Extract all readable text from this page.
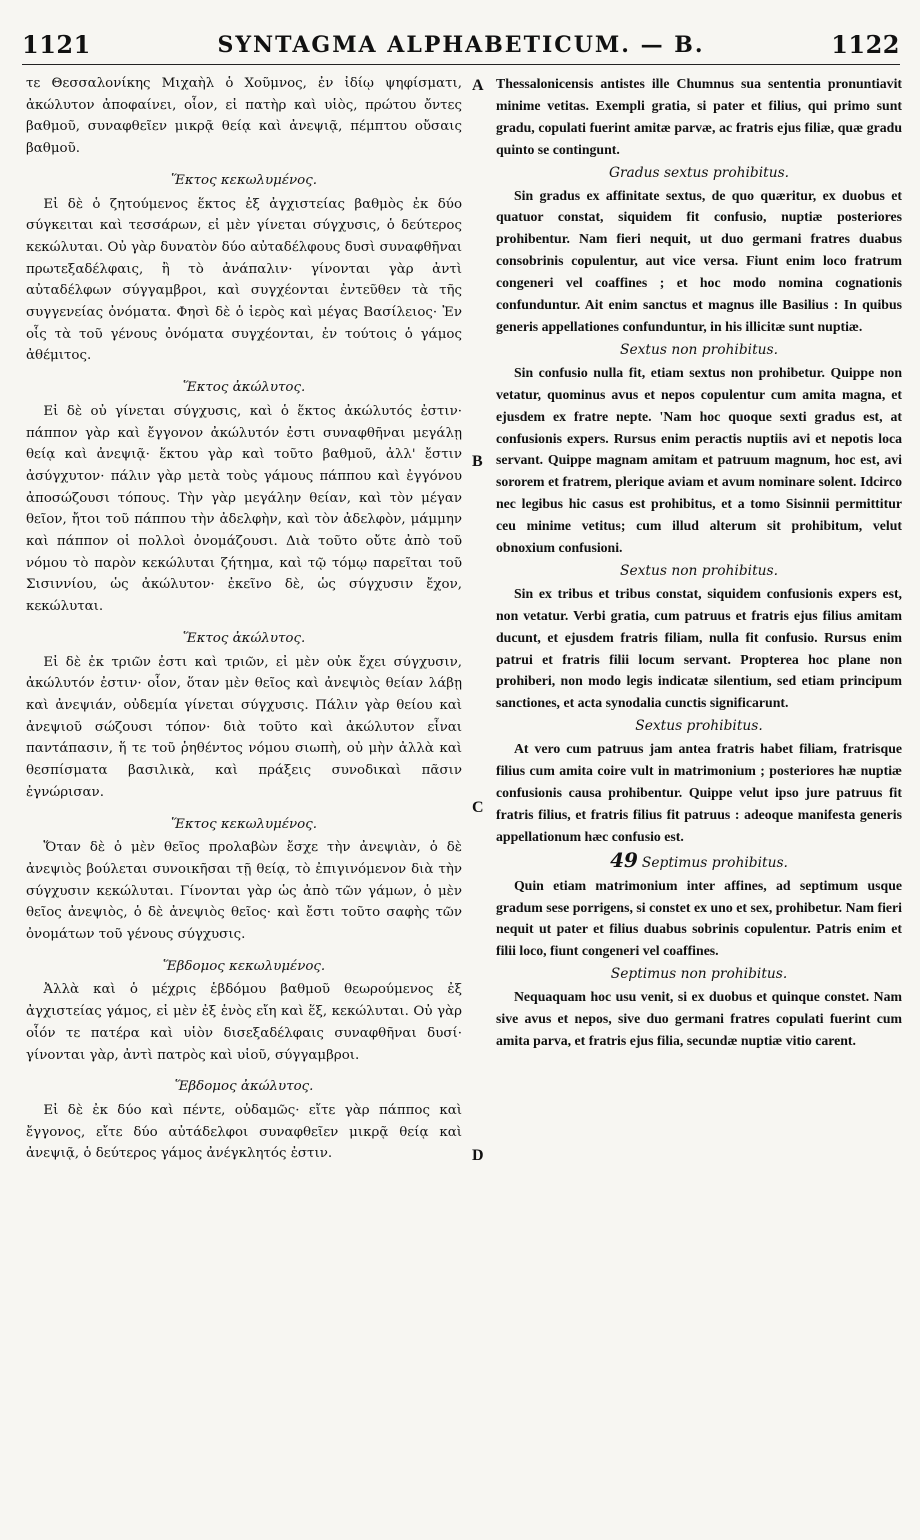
1121	SYNTAGMA ALPHABETICUM. — B.	1122
A
B
C
D

τε Θεσσαλονίκης Μιχαὴλ ὁ Χοῦμνος, ἐν ἰδίῳ ψηφίσματι, ἀκώλυτον ἀποφαίνει, οἷον, εἰ πατὴρ καὶ υἱὸς, πρώτου ὄντες βαθμοῦ, συναφθεῖεν μικρᾷ θείᾳ καὶ ἀνεψιᾷ, πέμπτου οὔσαις βαθμοῦ.

Ἕκτος κεκωλυμένος.

Εἰ δὲ ὁ ζητούμενος ἕκτος ἐξ ἀγχιστείας βαθμὸς ἐκ δύο σύγκειται καὶ τεσσάρων, εἰ μὲν γίνεται σύγχυσις, ὁ δεύτερος κεκώλυται. Οὐ γὰρ δυνατὸν δύο αὐταδέλφους δυσὶ συναφθῆναι πρωτεξαδέλφαις, ἢ τὸ ἀνάπαλιν· γίνονται γὰρ ἀντὶ αὐταδέλφων σύγγαμβροι, καὶ συγχέονται ἐντεῦθεν τὰ τῆς συγγενείας ὀνόματα. Φησὶ δὲ ὁ ἱερὸς καὶ μέγας Βασίλειος· Ἐν οἷς τὰ τοῦ γένους ὀνόματα συγχέονται, ἐν τούτοις ὁ γάμος ἀθέμιτος.

Ἕκτος ἀκώλυτος.

Εἰ δὲ οὐ γίνεται σύγχυσις, καὶ ὁ ἕκτος ἀκώλυτός ἐστιν· πάππον γὰρ καὶ ἔγγονον ἀκώλυτόν ἐστι συναφθῆναι μεγάλῃ θείᾳ καὶ ἀνεψιᾷ· ἕκτου γὰρ καὶ τοῦτο βαθμοῦ, ἀλλ' ἔστιν ἀσύγχυτον· πάλιν γὰρ μετὰ τοὺς γάμους πάππου καὶ ἐγγόνου ἀποσώζουσι τόπους. Τὴν γὰρ μεγάλην θείαν, καὶ τὸν μέγαν θεῖον, ἤτοι τοῦ πάππου τὴν ἀδελφὴν, καὶ τὸν ἀδελφὸν, μάμμην καὶ πάππον οἱ πολλοὶ ὀνομάζουσι. Διὰ τοῦτο οὔτε ἀπὸ τοῦ νόμου τὸ παρὸν κεκώλυται ζήτημα, καὶ τῷ τόμῳ παρεῖται τοῦ Σισιννίου, ὡς ἀκώλυτον· ἐκεῖνο δὲ, ὡς σύγχυσιν ἔχον, κεκώλυται.

Ἕκτος ἀκώλυτος.

Εἰ δὲ ἐκ τριῶν ἐστι καὶ τριῶν, εἰ μὲν οὐκ ἔχει σύγχυσιν, ἀκώλυτόν ἐστιν· οἷον, ὅταν μὲν θεῖος καὶ ἀνεψιὸς θείαν λάβῃ καὶ ἀνεψιάν, οὐδεμία γίνεται σύγχυσις. Πάλιν γὰρ θείου καὶ ἀνεψιοῦ σώζουσι τόπον· διὰ τοῦτο καὶ ἀκώλυτον εἶναι παντάπασιν, ἥ τε τοῦ ῥηθέντος νόμου σιωπὴ, οὐ μὴν ἀλλὰ καὶ θεσπίσματα βασιλικὰ, καὶ πράξεις συνοδικαὶ πᾶσιν ἐγνώρισαν.

Ἕκτος κεκωλυμένος.

Ὅταν δὲ ὁ μὲν θεῖος προλαβὼν ἔσχε τὴν ἀνεψιὰν, ὁ δὲ ἀνεψιὸς βούλεται συνοικῆσαι τῇ θείᾳ, τὸ ἐπιγινόμενον διὰ τὴν σύγχυσιν κεκώλυται. Γίνονται γὰρ ὡς ἀπὸ τῶν γάμων, ὁ μὲν θεῖος ἀνεψιὸς, ὁ δὲ ἀνεψιὸς θεῖος· καὶ ἔστι τοῦτο σαφὴς τῶν ὀνομάτων τοῦ γένους σύγχυσις.

Ἕβδομος κεκωλυμένος.

Ἀλλὰ καὶ ὁ μέχρις ἑβδόμου βαθμοῦ θεωρούμενος ἐξ ἀγχιστείας γάμος, εἰ μὲν ἐξ ἑνὸς εἴη καὶ ἕξ, κεκώλυται. Οὐ γὰρ οἷόν τε πατέρα καὶ υἱὸν δισεξαδέλφαις συναφθῆναι δυσί· γίνονται γὰρ, ἀντὶ πατρὸς καὶ υἱοῦ, σύγγαμβροι.

Ἕβδομος ἀκώλυτος.

Εἰ δὲ ἐκ δύο καὶ πέντε, οὐδαμῶς· εἴτε γὰρ πάππος καὶ ἔγγονος, εἴτε δύο αὐτάδελφοι συναφθεῖεν μικρᾷ θείᾳ καὶ ἀνεψιᾷ, ὁ δεύτερος γάμος ἀνέγκλητός ἐστιν.

Thessalonicensis antistes ille Chumnus sua sententia pronuntiavit minime vetitas. Exempli gratia, si pater et filius, qui primo sunt gradu, copulati fuerint amitæ parvæ, ac fratris ejus filiæ, quæ gradu quinto se contingunt.

Gradus sextus prohibitus.

Sin gradus ex affinitate sextus, de quo quæritur, ex duobus et quatuor constat, siquidem fit confusio, nuptiæ posteriores prohibentur. Nam fieri nequit, ut duo germani fratres duabus consobrinis copulentur, aut vice versa. Fiunt enim loco fratrum congeneri vel coaffines ; et hoc modo nomina cognationis confunduntur. Ait enim sanctus et magnus ille Basilius : In quibus generis appellationes confunduntur, in his illicitæ sunt nuptiæ.

Sextus non prohibitus.

Sin confusio nulla fit, etiam sextus non prohibetur. Quippe non vetatur, quominus avus et nepos copulentur cum amita magna, et ejusdem ex fratre nepte. 'Nam hoc quoque sexti gradus est, at confusionis expers. Rursus enim peractis nuptiis avi et nepotis loca servant. Quippe magnam amitam et patruum magnum, hoc est, avi sororem et fratrem, plerique aviam et avum nominare solent. Idcirco nec legibus hic casus est prohibitus, et a tomo Sisinnii permittitur ceu minime vetitus; cum illud alterum sit prohibitum, velut obnoxium confusioni.

Sextus non prohibitus.

Sin ex tribus et tribus constat, siquidem confusionis expers est, non vetatur. Verbi gratia, cum patruus et fratris ejus filius amitam ducunt, et ejusdem fratris filiam, nulla fit confusio. Rursus enim patrui et fratris filii locum servant. Propterea hoc plane non prohiberi, non modo legis indicatæ silentium, sed etiam principum sanctiones, et acta synodalia cunctis significarunt.

Sextus prohibitus.

At vero cum patruus jam antea fratris habet filiam, fratrisque filius cum amita coire vult in matrimonium ; posteriores hæ nuptiæ confusionis causa prohibentur. Quippe velut ipso jure patruus fit fratris filius, et fratris filius fit patruus : adeoque manifesta generis appellationum hæc confusio est.

49 Septimus prohibitus.

Quin etiam matrimonium inter affines, ad septimum usque gradum sese porrigens, si constet ex uno et sex, prohibetur. Nam fieri nequit ut pater et filius duabus sobrinis copulentur. Patris enim et filii loco, fiunt congeneri vel coaffines.

Septimus non prohibitus.

Nequaquam hoc usu venit, si ex duobus et quinque constet. Nam sive avus et nepos, sive duo germani fratres copulati fuerint cum amita parva, et fratris ejus filia, secundæ nuptiæ vitio carent.
